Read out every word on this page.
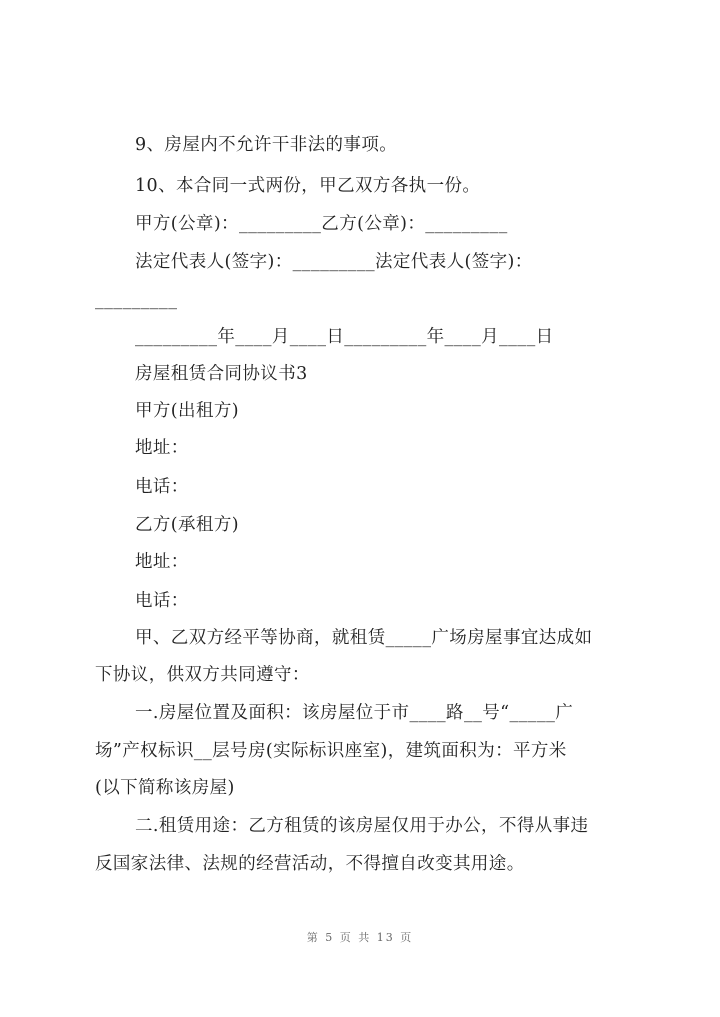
9、房屋内不允许干非法的事项。
10、本合同一式两份，甲乙双方各执一份。
甲方(公章)：_________乙方(公章)：_________
法定代表人(签字)：_________法定代表人(签字)：
_________
_________年____月____日_________年____月____日
房屋租赁合同协议书3
甲方(出租方)
地址：
电话：
乙方(承租方)
地址：
电话：
甲、乙双方经平等协商，就租赁_____广场房屋事宜达成如
下协议，供双方共同遵守：
一.房屋位置及面积：该房屋位于市____路__号“_____广
场”产权标识__层号房(实际标识座室)，建筑面积为：平方米
(以下简称该房屋)
二.租赁用途：乙方租赁的该房屋仅用于办公，不得从事违
反国家法律、法规的经营活动，不得擅自改变其用途。
第 5 页 共 13 页
